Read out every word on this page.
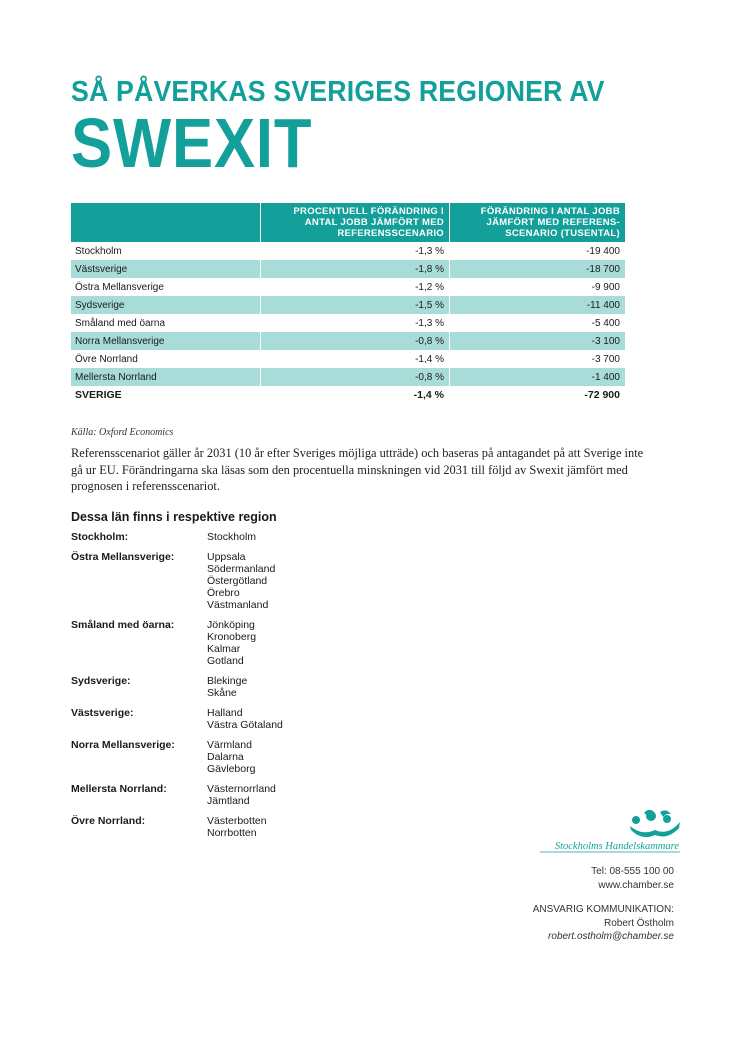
SÅ PÅVERKAS SVERIGES REGIONER AV
SWEXIT
	PROCENTUELL FÖRÄNDRING I ANTAL JOBB JÄMFÖRT MED REFERENSSCENARIO	FÖRÄNDRING I ANTAL JOBB JÄMFÖRT MED REFERENS-SCENARIO (TUSENTAL)
Stockholm	-1,3 %	-19 400
Västsverige	-1,8 %	-18 700
Östra Mellansverige	-1,2 %	-9 900
Sydsverige	-1,5 %	-11 400
Småland med öarna	-1,3 %	-5 400
Norra Mellansverige	-0,8 %	-3 100
Övre Norrland	-1,4 %	-3 700
Mellersta Norrland	-0,8 %	-1 400
SVERIGE	-1,4 %	-72 900
Källa: Oxford Economics
Referensscenariot gäller år 2031 (10 år efter Sveriges möjliga utträde) och baseras på antagandet på att Sverige inte gå ur EU. Förändringarna ska läsas som den procentuella minskningen vid 2031 till följd av Swexit jämfört med prognosen i referensscenariot.
Dessa län finns i respektive region
Stockholm:	Stockholm
Östra Mellansverige:	Uppsala
Södermanland
Östergötland
Örebro
Västmanland
Småland med öarna:	Jönköping
Kronoberg
Kalmar
Gotland
Sydsverige:	Blekinge
Skåne
Västsverige:	Halland
Västra Götaland
Norra Mellansverige:	Värmland
Dalarna
Gävleborg
Mellersta Norrland:	Västernorrland
Jämtland
Övre Norrland:	Västerbotten
Norrbotten
Stockholms Handelskammare
Tel: 08-555 100 00
www.chamber.se
ANSVARIG KOMMUNIKATION:
Robert Östholm
robert.ostholm@chamber.se
